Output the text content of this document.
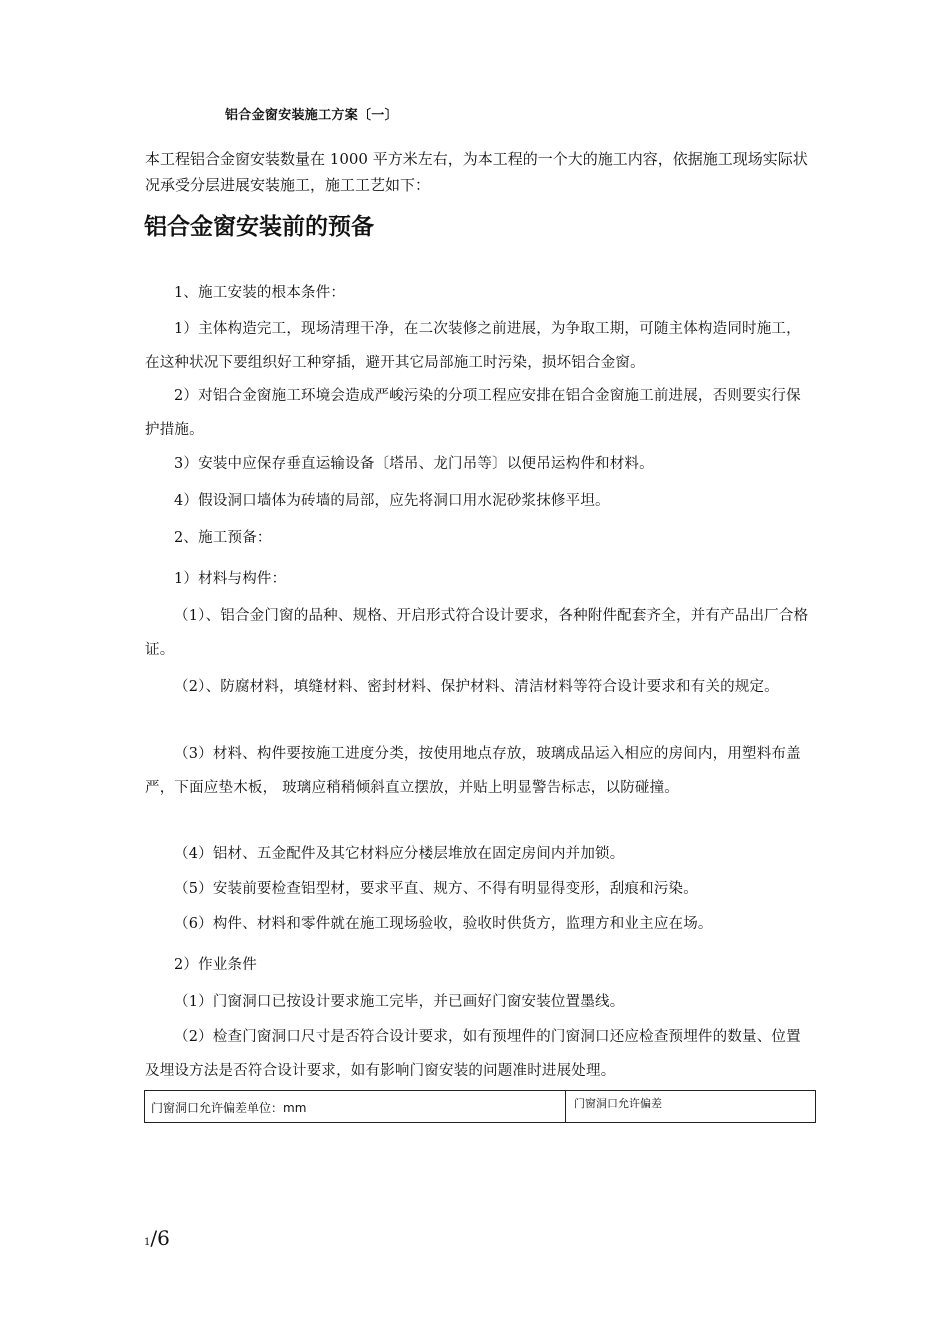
铝合金窗安装施工方案〔一〕
本工程铝合金窗安装数量在 1000 平方米左右，为本工程的一个大的施工内容，依据施工现场实际状况承受分层进展安装施工，施工工艺如下：
铝合金窗安装前的预备
1、施工安装的根本条件：
1）主体构造完工，现场清理干净，在二次装修之前进展，为争取工期，可随主体构造同时施工，在这种状况下要组织好工种穿插，避开其它局部施工时污染，损坏铝合金窗。
2）对铝合金窗施工环境会造成严峻污染的分项工程应安排在铝合金窗施工前进展，否则要实行保护措施。
3）安装中应保存垂直运输设备〔塔吊、龙门吊等〕以便吊运构件和材料。
4）假设洞口墙体为砖墙的局部，应先将洞口用水泥砂浆抹修平坦。
2、施工预备：
1）材料与构件：
（1）、铝合金门窗的品种、规格、开启形式符合设计要求，各种附件配套齐全，并有产品出厂合格证。
（2）、防腐材料，填缝材料、密封材料、保护材料、清洁材料等符合设计要求和有关的规定。
（3）材料、构件要按施工进度分类，按使用地点存放，玻璃成品运入相应的房间内，用塑料布盖严，下面应垫木板， 玻璃应稍稍倾斜直立摆放，并贴上明显警告标志，以防碰撞。
（4）铝材、五金配件及其它材料应分楼层堆放在固定房间内并加锁。
（5）安装前要检查铝型材，要求平直、规方、不得有明显得变形，刮痕和污染。
（6）构件、材料和零件就在施工现场验收，验收时供货方，监理方和业主应在场。
2）作业条件
（1）门窗洞口已按设计要求施工完毕，并已画好门窗安装位置墨线。
（2）检查门窗洞口尺寸是否符合设计要求，如有预埋件的门窗洞口还应检查预埋件的数量、位置及埋设方法是否符合设计要求，如有影响门窗安装的问题准时进展处理。
门窗洞口允许偏差单位：mm	门窗洞口允许偏差
1/6
